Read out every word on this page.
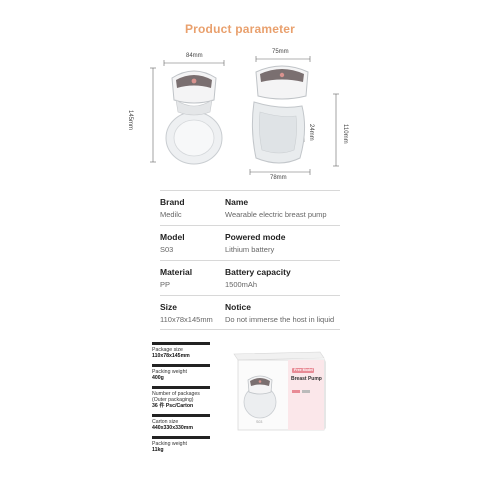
Product parameter
84mm
145mm
75mm
110mm
78mm
24mm
Brand
Medilc
Name
Wearable electric breast pump
Model
S03
Powered mode
Lithium battery
Material
PP
Battery capacity
1500mAh
Size
110x78x145mm
Notice
Do not immerse the host in liquid
Package size
110x78x145mm
Packing weight
400g
Number of packages
(Outer packaging)
36 件 Psc/Carton
Carton size
440x330x330mm
Packing weight
11kg
Free Model
Breast Pump
S03
